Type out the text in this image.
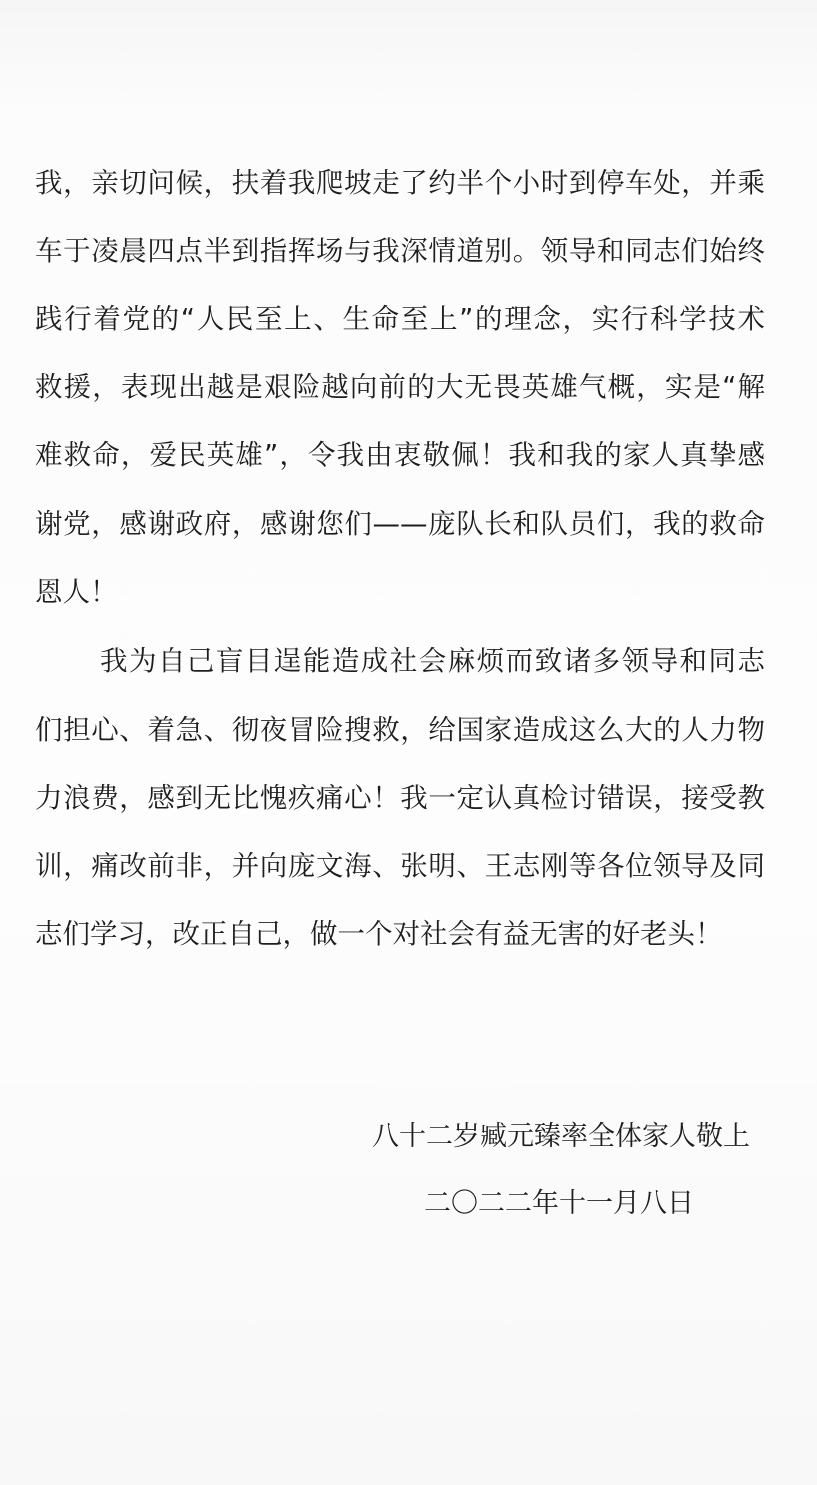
我，亲切问候，扶着我爬坡走了约半个小时到停车处，并乘
车于凌晨四点半到指挥场与我深情道别。领导和同志们始终
践行着党的“人民至上、生命至上”的理念，实行科学技术
救援，表现出越是艰险越向前的大无畏英雄气概，实是“解
难救命，爱民英雄”，令我由衷敬佩！我和我的家人真挚感
谢党，感谢政府，感谢您们——庞队长和队员们，我的救命
恩人！
我为自己盲目逞能造成社会麻烦而致诸多领导和同志
们担心、着急、彻夜冒险搜救，给国家造成这么大的人力物
力浪费，感到无比愧疚痛心！我一定认真检讨错误，接受教
训，痛改前非，并向庞文海、张明、王志刚等各位领导及同
志们学习，改正自己，做一个对社会有益无害的好老头！
八十二岁臧元臻率全体家人敬上
二〇二二年十一月八日
